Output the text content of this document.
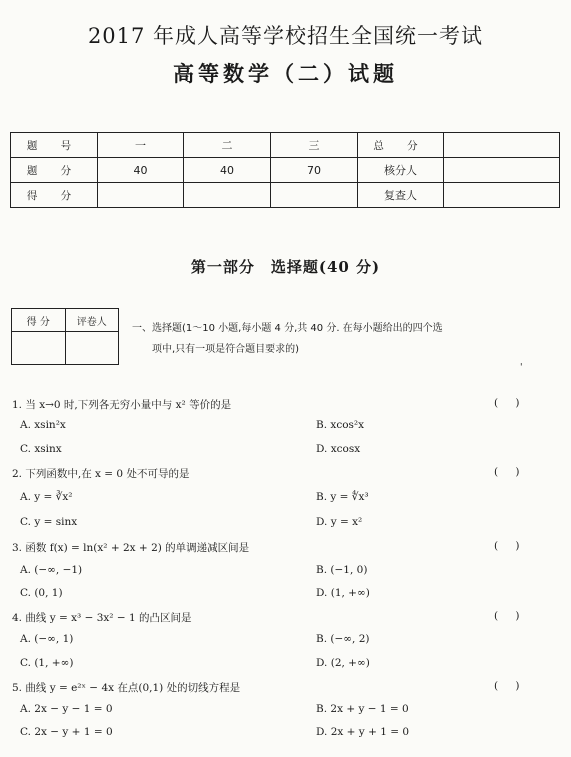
2017 年成人高等学校招生全国统一考试
高等数学（二）试题
题 号	一	二	三	总 分	
题 分	40	40	70	核分人	
得 分				复查人	
第一部分　选择题(40 分)
得 分	评卷人

一、选择题(1～10 小题,每小题 4 分,共 40 分. 在每小题给出的四个选
项中,只有一项是符合题目要求的)
'
1. 当 x→0 时,下列各无穷小量中与 x² 等价的是	( )
A. xsin²x	B. xcos²x
C. xsinx	D. xcosx
2. 下列函数中,在 x = 0 处不可导的是	( )
A. y = ∛x²	B. y = ∜x³
C. y = sinx	D. y = x²
3. 函数 f(x) = ln(x² + 2x + 2) 的单调递减区间是	( )
A. (−∞, −1)	B. (−1, 0)
C. (0, 1)	D. (1, +∞)
4. 曲线 y = x³ − 3x² − 1 的凸区间是	( )
A. (−∞, 1)	B. (−∞, 2)
C. (1, +∞)	D. (2, +∞)
5. 曲线 y = e²ˣ − 4x 在点(0,1) 处的切线方程是	( )
A. 2x − y − 1 = 0	B. 2x + y − 1 = 0
C. 2x − y + 1 = 0	D. 2x + y + 1 = 0
